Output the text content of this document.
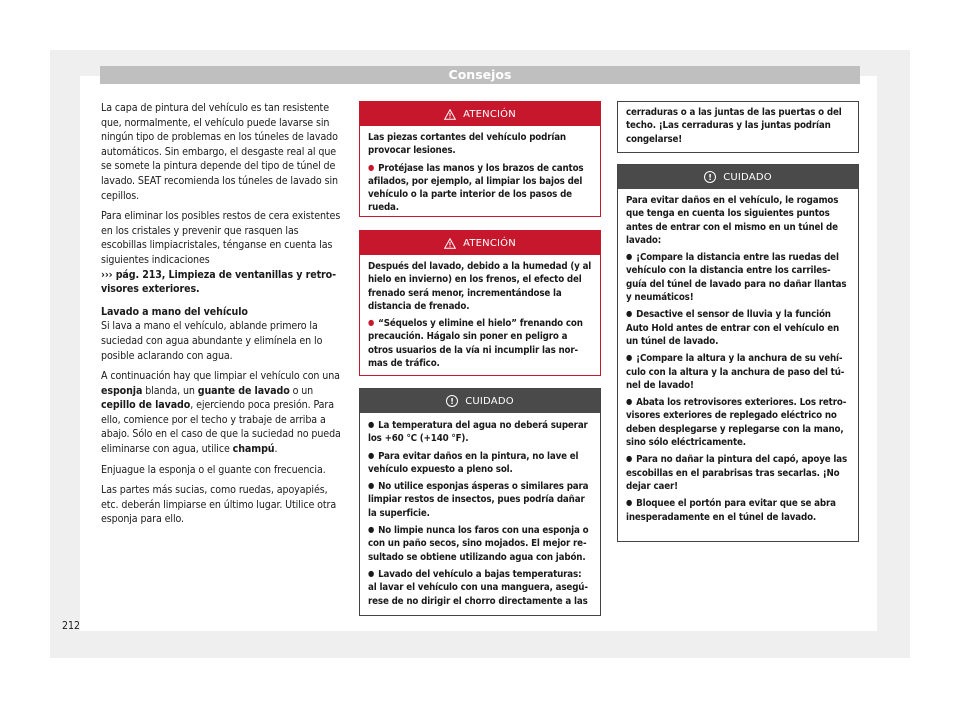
Consejos

La capa de pintura del vehículo es tan resistente que, normalmente, el vehículo puede lavarse sin ningún tipo de problemas en los túneles de lavado automáticos. Sin embargo, el desgaste real al que se somete la pintura depende del tipo de túnel de lavado. SEAT recomienda los túneles de lavado sin cepillos.

Para eliminar los posibles restos de cera existentes en los cristales y prevenir que rasquen las escobillas limpiacristales, ténganse en cuenta las siguientes indicaciones
››› pág. 213, Limpieza de ventanillas y retrovisores exteriores.

Lavado a mano del vehículo

Si lava a mano el vehículo, ablande primero la suciedad con agua abundante y elimínela en lo posible aclarando con agua.

A continuación hay que limpiar el vehículo con una esponja blanda, un guante de lavado o un cepillo de lavado, ejerciendo poca presión. Para ello, comience por el techo y trabaje de arriba a abajo. Sólo en el caso de que la suciedad no pueda eliminarse con agua, utilice champú.

Enjuague la esponja o el guante con frecuencia.

Las partes más sucias, como ruedas, apoyapiés, etc. deberán limpiarse en último lugar. Utilice otra esponja para ello.

ATENCIÓN

Las piezas cortantes del vehículo podrían provocar lesiones.

● Protéjase las manos y los brazos de cantos afilados, por ejemplo, al limpiar los bajos del vehículo o la parte interior de los pasos de rueda.

ATENCIÓN

Después del lavado, debido a la humedad (y al hielo en invierno) en los frenos, el efecto del frenado será menor, incrementándose la distancia de frenado.

● “Séquelos y elimine el hielo” frenando con precaución. Hágalo sin poner en peligro a otros usuarios de la vía ni incumplir las normas de tráfico.

!	CUIDADO

● La temperatura del agua no deberá superar los +60 °C (+140 °F).

● Para evitar daños en la pintura, no lave el vehículo expuesto a pleno sol.

● No utilice esponjas ásperas o similares para limpiar restos de insectos, pues podría dañar la superficie.

● No limpie nunca los faros con una esponja o con un paño secos, sino mojados. El mejor resultado se obtiene utilizando agua con jabón.

● Lavado del vehículo a bajas temperaturas: al lavar el vehículo con una manguera, asegúrese de no dirigir el chorro directamente a las

cerraduras o a las juntas de las puertas o del techo. ¡Las cerraduras y las juntas podrían congelarse!

!	CUIDADO

Para evitar daños en el vehículo, le rogamos que tenga en cuenta los siguientes puntos antes de entrar con el mismo en un túnel de lavado:

● ¡Compare la distancia entre las ruedas del vehículo con la distancia entre los carriles-guía del túnel de lavado para no dañar llantas y neumáticos!

● Desactive el sensor de lluvia y la función Auto Hold antes de entrar con el vehículo en un túnel de lavado.

● ¡Compare la altura y la anchura de su vehículo con la altura y la anchura de paso del túnel de lavado!

● Abata los retrovisores exteriores. Los retrovisores exteriores de replegado eléctrico no deben desplegarse y replegarse con la mano, sino sólo eléctricamente.

● Para no dañar la pintura del capó, apoye las escobillas en el parabrisas tras secarlas. ¡No dejar caer!

● Bloquee el portón para evitar que se abra inesperadamente en el túnel de lavado.

212
